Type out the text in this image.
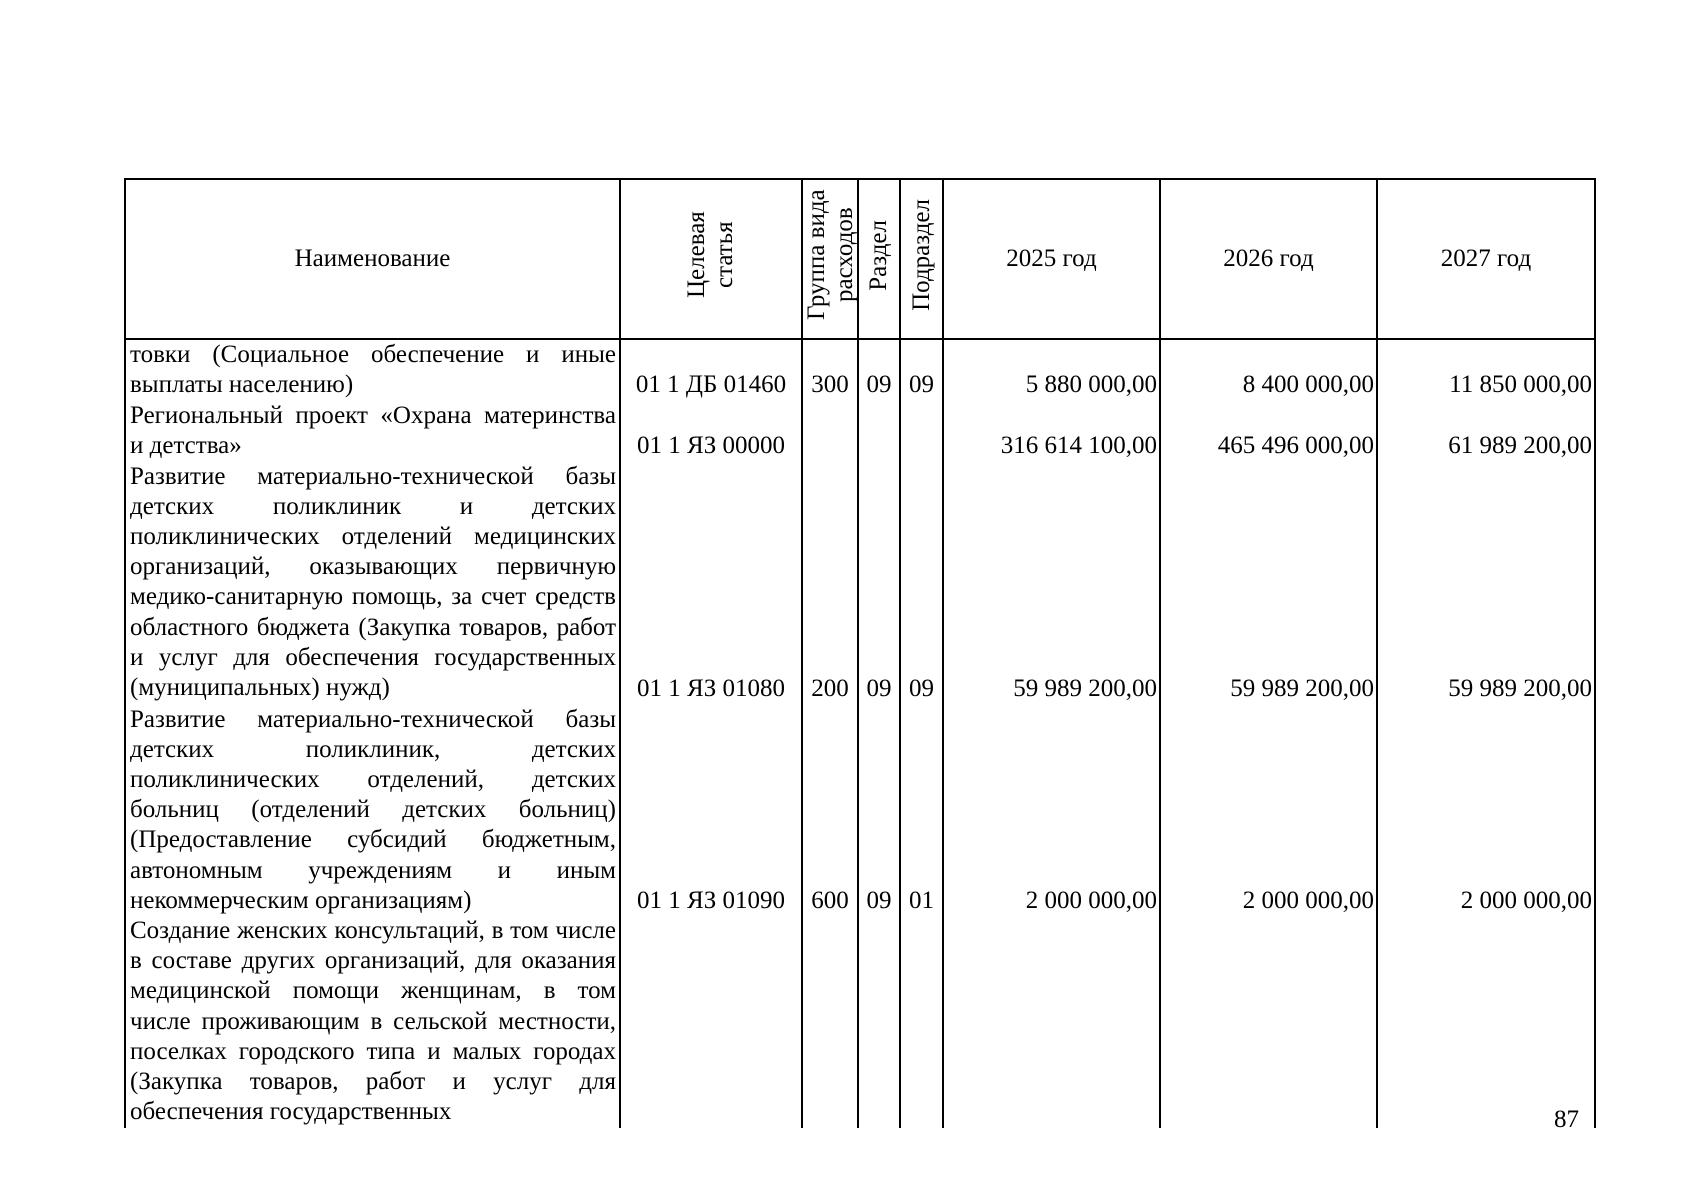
Наименование	Целевая статья	Группа вида расходов	Раздел	Подраздел	2025 год	2026 год	2027 год
товки (Социальное обеспечение и иные выплаты населению)	01 1 ДБ 01460	300	09	09	5 880 000,00	8 400 000,00	11 850 000,00
Региональный проект «Охрана материнства и детства»	01 1 ЯЗ 00000				316 614 100,00	465 496 000,00	61 989 200,00
Развитие материально-технической базы детских поликлиник и детских поликлинических отделений медицинских организаций, оказывающих первичную медико-санитарную помощь, за счет средств областного бюджета (Закупка товаров, работ и услуг для обеспечения государственных (муниципальных) нужд)	01 1 ЯЗ 01080	200	09	09	59 989 200,00	59 989 200,00	59 989 200,00
Развитие материально-технической базы детских поликлиник, детских поликлинических отделений, детских больниц (отделений детских больниц) (Предоставление субсидий бюджетным, автономным учреждениям и иным некоммерческим организациям)	01 1 ЯЗ 01090	600	09	01	2 000 000,00	2 000 000,00	2 000 000,00
Создание женских консультаций, в том числе в составе других организаций, для оказания медицинской помощи женщинам, в том числе проживающим в сельской местности, поселках городского типа и малых городах (Закупка товаров, работ и услуг для обеспечения государственных								87
